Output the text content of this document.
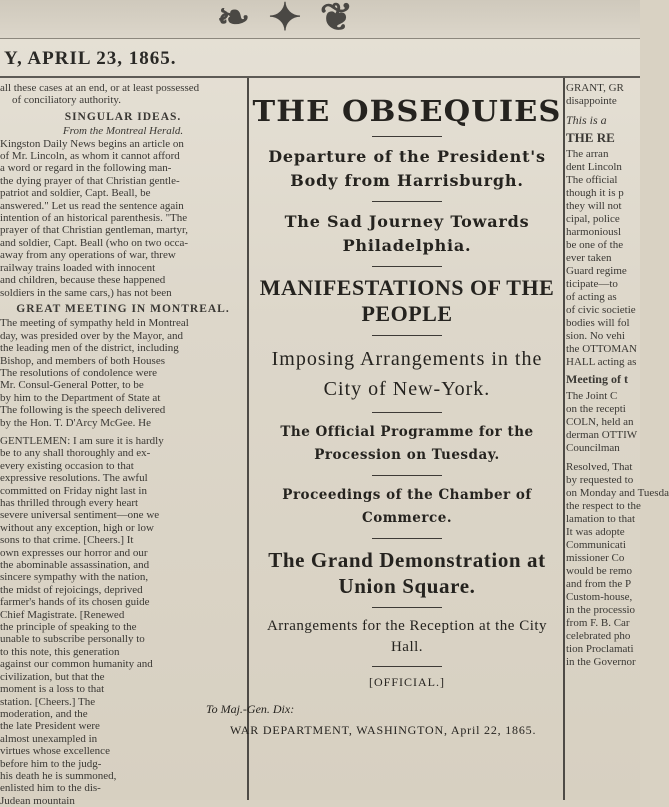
❧ ✦ ❦
Y, APRIL 23, 1865.
all these cases at an end, or at least possessed
of conciliatory authority.
SINGULAR IDEAS.
From the Montreal Herald.
Kingston Daily News begins an article on
of Mr. Lincoln, as whom it cannot afford
a word or regard in the following man-
the dying prayer of that Christian gentle-
patriot and soldier, Capt. Beall, be
answered." Let us read the sentence again
intention of an historical parenthesis. "The
prayer of that Christian gentleman, martyr,
and soldier, Capt. Beall (who on two occa-
away from any operations of war, threw
railway trains loaded with innocent
and children, because these happened
soldiers in the same cars,) has not been
GREAT MEETING IN MONTREAL.
The meeting of sympathy held in Montreal
day, was presided over by the Mayor, and
the leading men of the district, including
Bishop, and members of both Houses
The resolutions of condolence were
Mr. Consul-General Potter, to be
by him to the Department of State at
The following is the speech delivered
by the Hon. T. D'Arcy McGee. He
GENTLEMEN: I am sure it is hardly
be to any shall thoroughly and ex-
every existing occasion to that
expressive resolutions. The awful
committed on Friday night last in
has thrilled through every heart
severe universal sentiment—one we
without any exception, high or low
sons to that crime. [Cheers.] It
own expresses our horror and our
the abominable assassination, and
sincere sympathy with the nation,
the midst of rejoicings, deprived
farmer's hands of its chosen guide
Chief Magistrate. [Renewed
the principle of speaking to the
unable to subscribe personally to
to this note, this generation
against our common humanity and
civilization, but that the
moment is a loss to that
station. [Cheers.] The
moderation, and the
the late President were
almost unexampled in
virtues whose excellence
before him to the judg-
his death he is summoned,
enlisted him to the dis-
Judean mountain
THE OBSEQUIES
Departure of the President's Body from Harrisburgh.
The Sad Journey Towards Philadelphia.
MANIFESTATIONS OF THE PEOPLE
Imposing Arrangements in the City of New-York.
The Official Programme for the Procession on Tuesday.
Proceedings of the Chamber of Commerce.
The Grand Demonstration at Union Square.
Arrangements for the Reception at the City Hall.
[OFFICIAL.]
To Maj.-Gen. Dix:
WAR DEPARTMENT, WASHINGTON, April 22, 1865.
GRANT, GR
disappointe
This is a
THE RE
The arran
dent Lincoln
The official
though it is p
they will not
cipal, police
harmoniousl
be one of the
ever taken
Guard regime
ticipate—to
of acting as
of civic societie
bodies will fol
sion. No vehi
the OTTOMAN
HALL acting as
Meeting of t
The Joint C
on the recepti
COLN, held an
derman OTTIW
Councilman
Resolved, That
by requested to
on Monday and Tuesda
the respect to the
lamation to that
It was adopte
Communicati
missioner Co
would be remo
and from the P
Custom-house,
in the processio
from F. B. Car
celebrated pho
tion Proclamati
in the Governor
